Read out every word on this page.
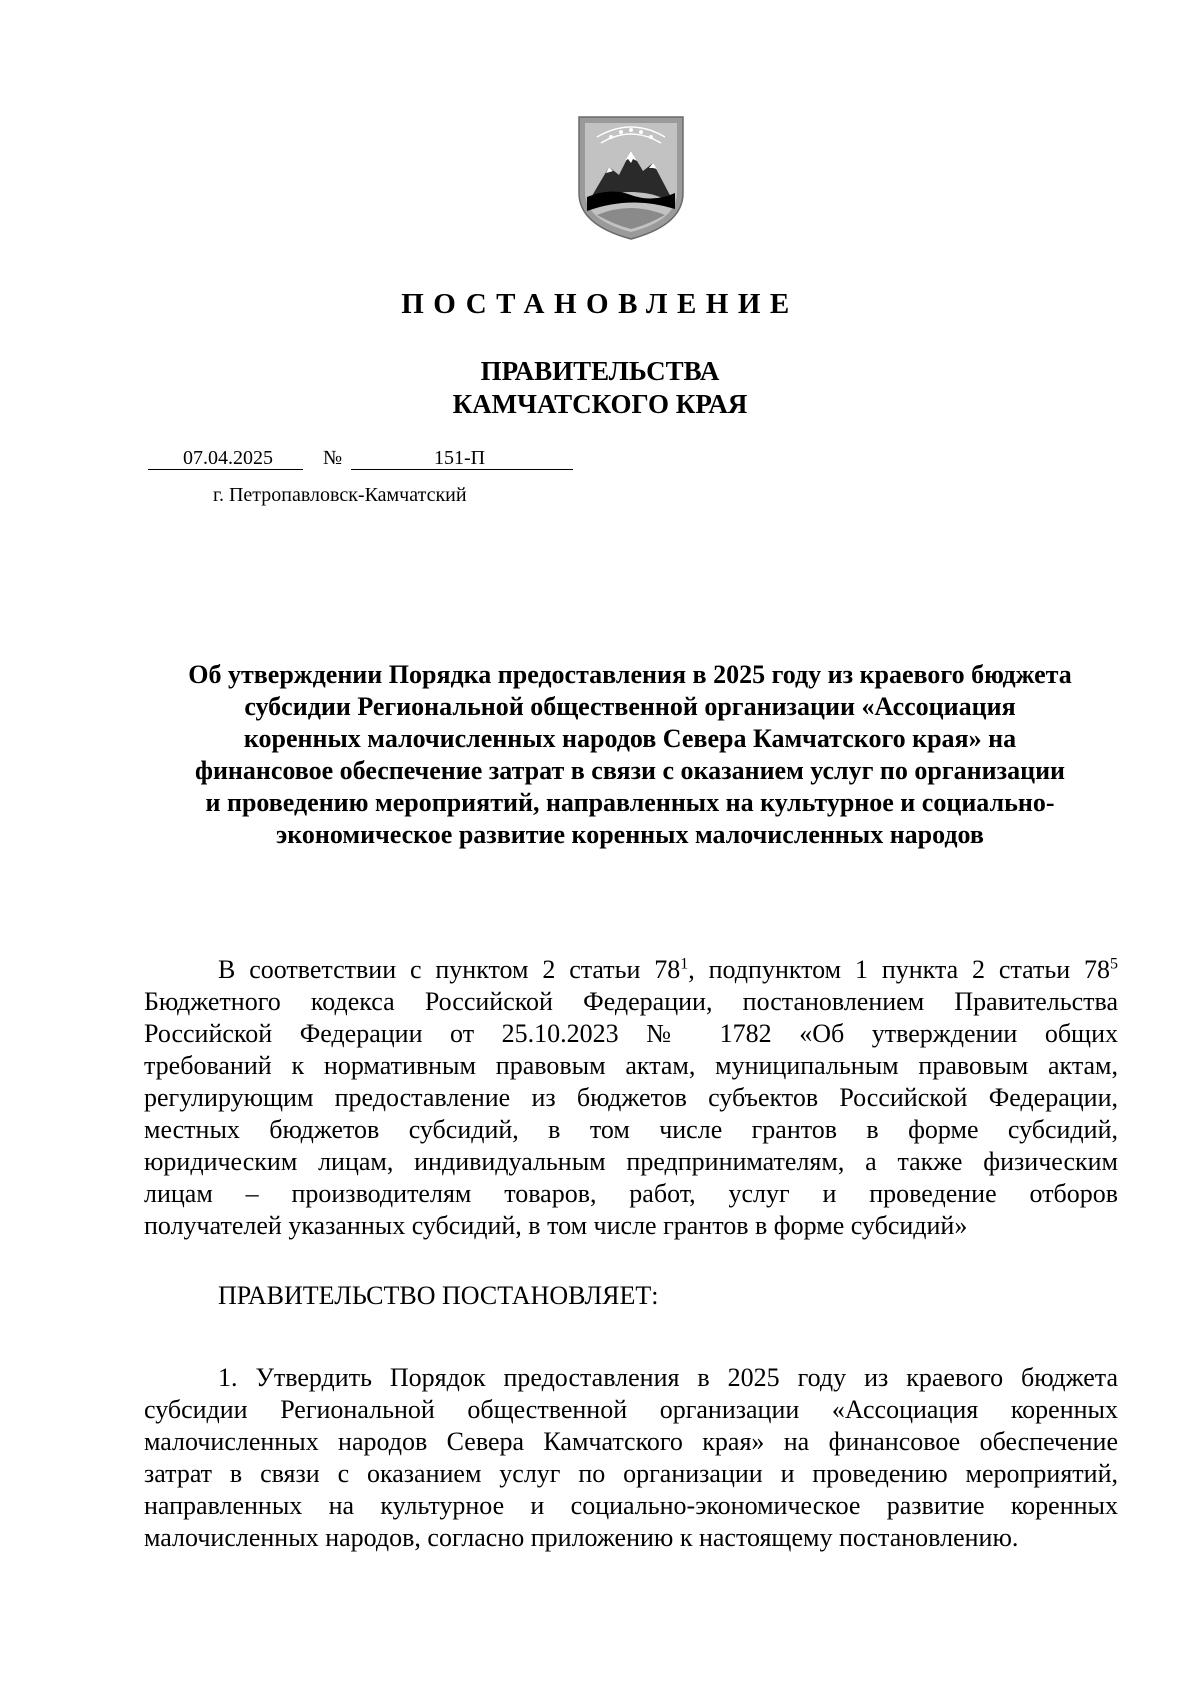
ПОСТАНОВЛЕНИЕ
ПРАВИТЕЛЬСТВА
КАМЧАТСКОГО КРАЯ
07.04.2025	№	151-П
г. Петропавловск-Камчатский
Об утверждении Порядка предоставления в 2025 году из краевого бюджета
субсидии Региональной общественной организации «Ассоциация
коренных малочисленных народов Севера Камчатского края» на
финансовое обеспечение затрат в связи с оказанием услуг по организации
и проведению мероприятий, направленных на культурное и социально-
экономическое развитие коренных малочисленных народов
В соответствии с пунктом 2 статьи $78^1$, подпунктом 1 пункта 2 статьи $78^5$
Бюджетного кодекса Российской Федерации, постановлением Правительства
Российской Федерации от 25.10.2023 № 1782 «Об утверждении общих
требований к нормативным правовым актам, муниципальным правовым актам,
регулирующим предоставление из бюджетов субъектов Российской Федерации,
местных бюджетов субсидий, в том числе грантов в форме субсидий,
юридическим лицам, индивидуальным предпринимателям, а также физическим
лицам – производителям товаров, работ, услуг и проведение отборов
получателей указанных субсидий, в том числе грантов в форме субсидий»
ПРАВИТЕЛЬСТВО ПОСТАНОВЛЯЕТ:
1. Утвердить Порядок предоставления в 2025 году из краевого бюджета
субсидии Региональной общественной организации «Ассоциация коренных
малочисленных народов Севера Камчатского края» на финансовое обеспечение
затрат в связи с оказанием услуг по организации и проведению мероприятий,
направленных на культурное и социально-экономическое развитие коренных
малочисленных народов, согласно приложению к настоящему постановлению.
